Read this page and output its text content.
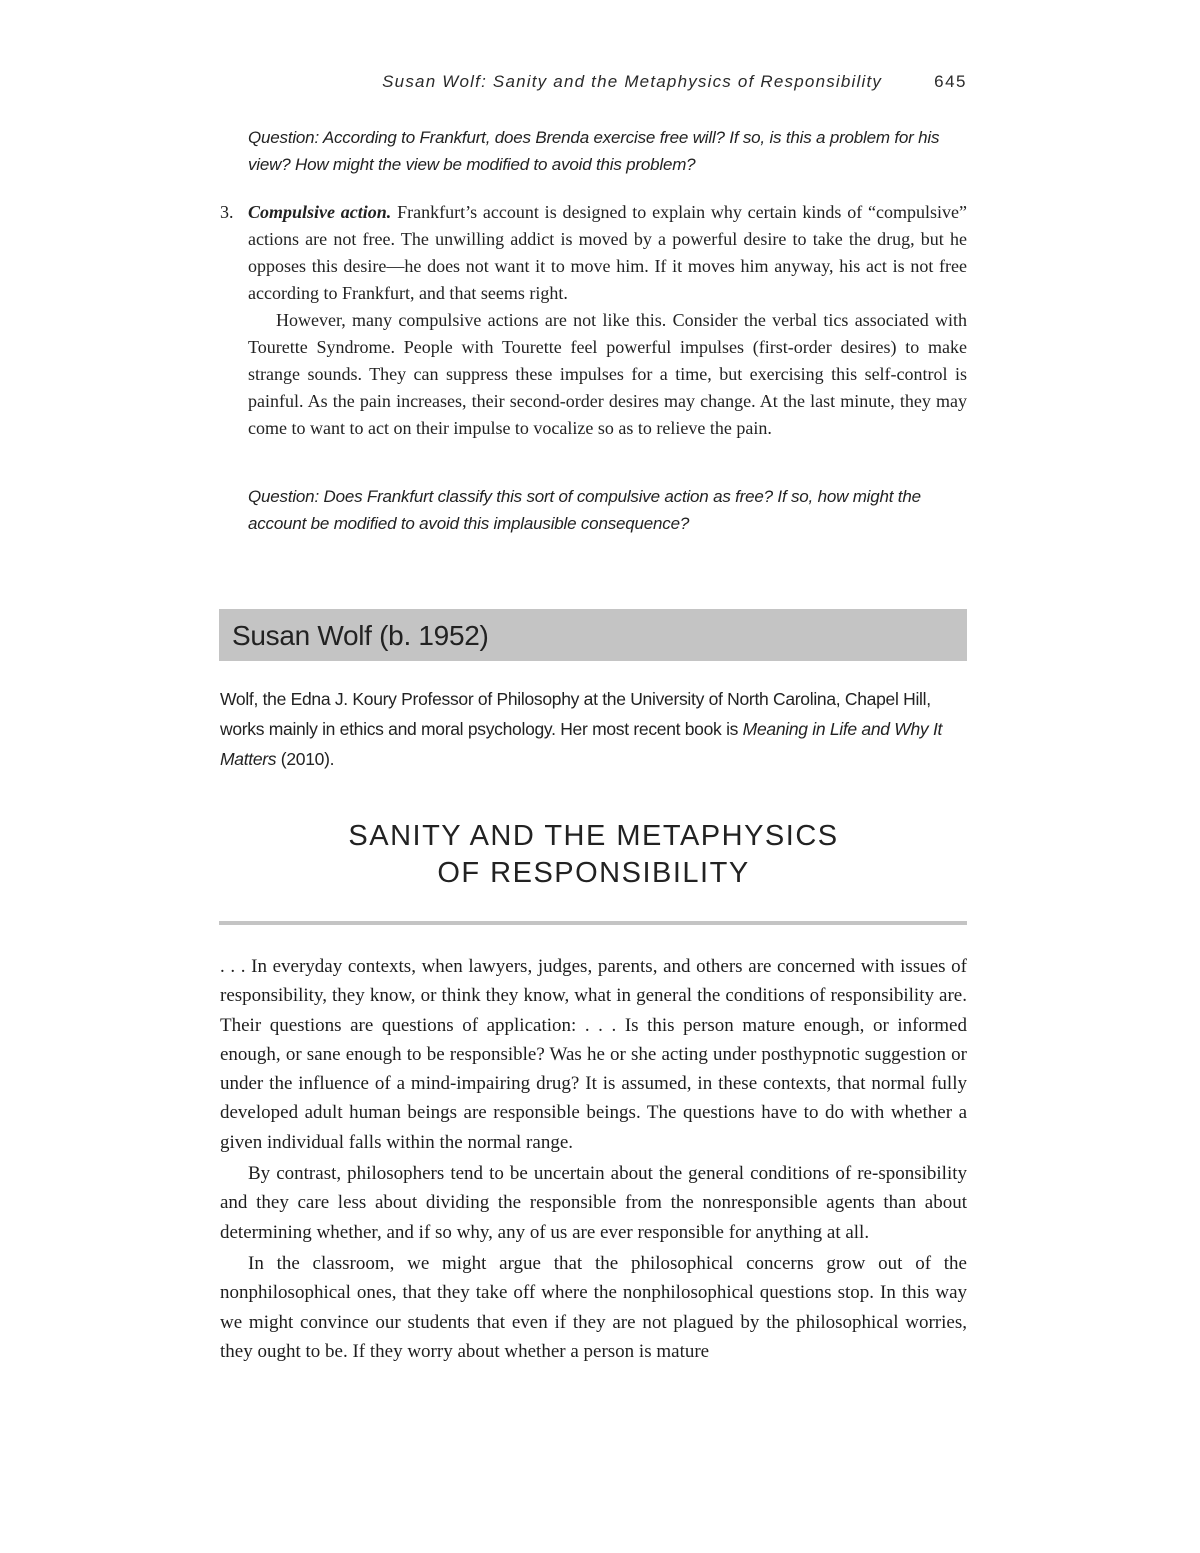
Susan Wolf: Sanity and the Metaphysics of Responsibility	645

Question: According to Frankfurt, does Brenda exercise free will? If so, is this a problem for his view? How might the view be modified to avoid this problem?

3. Compulsive action. Frankfurt’s account is designed to explain why certain kinds of “compulsive” actions are not free. The unwilling addict is moved by a powerful desire to take the drug, but he opposes this desire—he does not want it to move him. If it moves him anyway, his act is not free according to Frankfurt, and that seems right.

However, many compulsive actions are not like this. Consider the verbal tics associated with Tourette Syndrome. People with Tourette feel powerful impulses (first-order desires) to make strange sounds. They can suppress these impulses for a time, but exercising this self-control is painful. As the pain increases, their second-order desires may change. At the last minute, they may come to want to act on their impulse to vocalize so as to relieve the pain.

Question: Does Frankfurt classify this sort of compulsive action as free? If so, how might the account be modified to avoid this implausible consequence?

Susan Wolf (b. 1952)

Wolf, the Edna J. Koury Professor of Philosophy at the University of North Carolina, Chapel Hill, works mainly in ethics and moral psychology. Her most recent book is Meaning in Life and Why It Matters (2010).

SANITY AND THE METAPHYSICS
OF RESPONSIBILITY

. . . In everyday contexts, when lawyers, judges, parents, and others are concerned with issues of responsibility, they know, or think they know, what in general the conditions of responsibility are. Their questions are questions of application: . . . Is this person mature enough, or informed enough, or sane enough to be responsible? Was he or she acting under posthypnotic suggestion or under the influence of a mind-impairing drug? It is assumed, in these contexts, that normal fully developed adult human beings are responsible beings. The questions have to do with whether a given individual falls within the normal range.

By contrast, philosophers tend to be uncertain about the general conditions of re-sponsibility and they care less about dividing the responsible from the nonresponsible agents than about determining whether, and if so why, any of us are ever responsible for anything at all.

In the classroom, we might argue that the philosophical concerns grow out of the nonphilosophical ones, that they take off where the nonphilosophical questions stop. In this way we might convince our students that even if they are not plagued by the philosophical worries, they ought to be. If they worry about whether a person is mature
